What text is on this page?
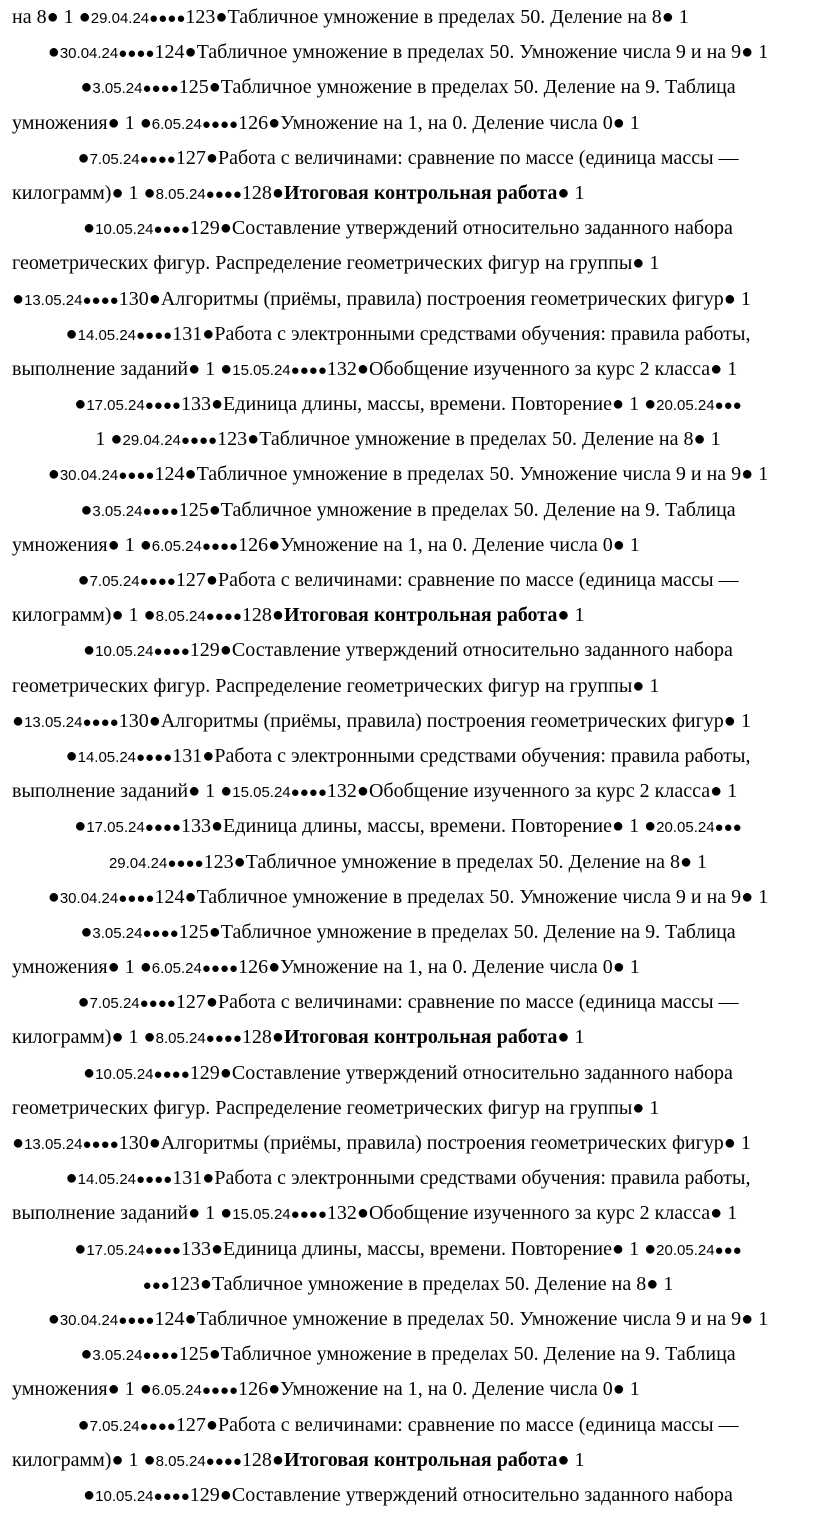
на 8● 1 ●29.04.24●●●●123●Табличное умножение в пределах 50. Деление на 8● 1
●30.04.24●●●●124●Табличное умножение в пределах 50. Умножение числа 9 и на 9● 1
●3.05.24●●●●125●Табличное умножение в пределах 50. Деление на 9. Таблица
умножения● 1 ●6.05.24●●●●126●Умножение на 1, на 0. Деление числа 0● 1
●7.05.24●●●●127●Работа с величинами: сравнение по массе (единица массы —
килограмм)● 1 ●8.05.24●●●●128●Итоговая контрольная работа● 1
●10.05.24●●●●129●Составление утверждений относительно заданного набора
геометрических фигур. Распределение геометрических фигур на группы● 1
●13.05.24●●●●130●Алгоритмы (приёмы, правила) построения геометрических фигур● 1
●14.05.24●●●●131●Работа с электронными средствами обучения: правила работы,
выполнение заданий● 1 ●15.05.24●●●●132●Обобщение изученного за курс 2 класса● 1
●17.05.24●●●●133●Единица длины, массы, времени. Повторение● 1 ●20.05.24●●●
1 ●29.04.24●●●●123●Табличное умножение в пределах 50. Деление на 8● 1
●30.04.24●●●●124●Табличное умножение в пределах 50. Умножение числа 9 и на 9● 1
●3.05.24●●●●125●Табличное умножение в пределах 50. Деление на 9. Таблица
умножения● 1 ●6.05.24●●●●126●Умножение на 1, на 0. Деление числа 0● 1
●7.05.24●●●●127●Работа с величинами: сравнение по массе (единица массы —
килограмм)● 1 ●8.05.24●●●●128●Итоговая контрольная работа● 1
●10.05.24●●●●129●Составление утверждений относительно заданного набора
геометрических фигур. Распределение геометрических фигур на группы● 1
●13.05.24●●●●130●Алгоритмы (приёмы, правила) построения геометрических фигур● 1
●14.05.24●●●●131●Работа с электронными средствами обучения: правила работы,
выполнение заданий● 1 ●15.05.24●●●●132●Обобщение изученного за курс 2 класса● 1
●17.05.24●●●●133●Единица длины, массы, времени. Повторение● 1 ●20.05.24●●●
29.04.24●●●●123●Табличное умножение в пределах 50. Деление на 8● 1
●30.04.24●●●●124●Табличное умножение в пределах 50. Умножение числа 9 и на 9● 1
●3.05.24●●●●125●Табличное умножение в пределах 50. Деление на 9. Таблица
умножения● 1 ●6.05.24●●●●126●Умножение на 1, на 0. Деление числа 0● 1
●7.05.24●●●●127●Работа с величинами: сравнение по массе (единица массы —
килограмм)● 1 ●8.05.24●●●●128●Итоговая контрольная работа● 1
●10.05.24●●●●129●Составление утверждений относительно заданного набора
геометрических фигур. Распределение геометрических фигур на группы● 1
●13.05.24●●●●130●Алгоритмы (приёмы, правила) построения геометрических фигур● 1
●14.05.24●●●●131●Работа с электронными средствами обучения: правила работы,
выполнение заданий● 1 ●15.05.24●●●●132●Обобщение изученного за курс 2 класса● 1
●17.05.24●●●●133●Единица длины, массы, времени. Повторение● 1 ●20.05.24●●●
●●●123●Табличное умножение в пределах 50. Деление на 8● 1
●30.04.24●●●●124●Табличное умножение в пределах 50. Умножение числа 9 и на 9● 1
●3.05.24●●●●125●Табличное умножение в пределах 50. Деление на 9. Таблица
умножения● 1 ●6.05.24●●●●126●Умножение на 1, на 0. Деление числа 0● 1
●7.05.24●●●●127●Работа с величинами: сравнение по массе (единица массы —
килограмм)● 1 ●8.05.24●●●●128●Итоговая контрольная работа● 1
●10.05.24●●●●129●Составление утверждений относительно заданного набора
